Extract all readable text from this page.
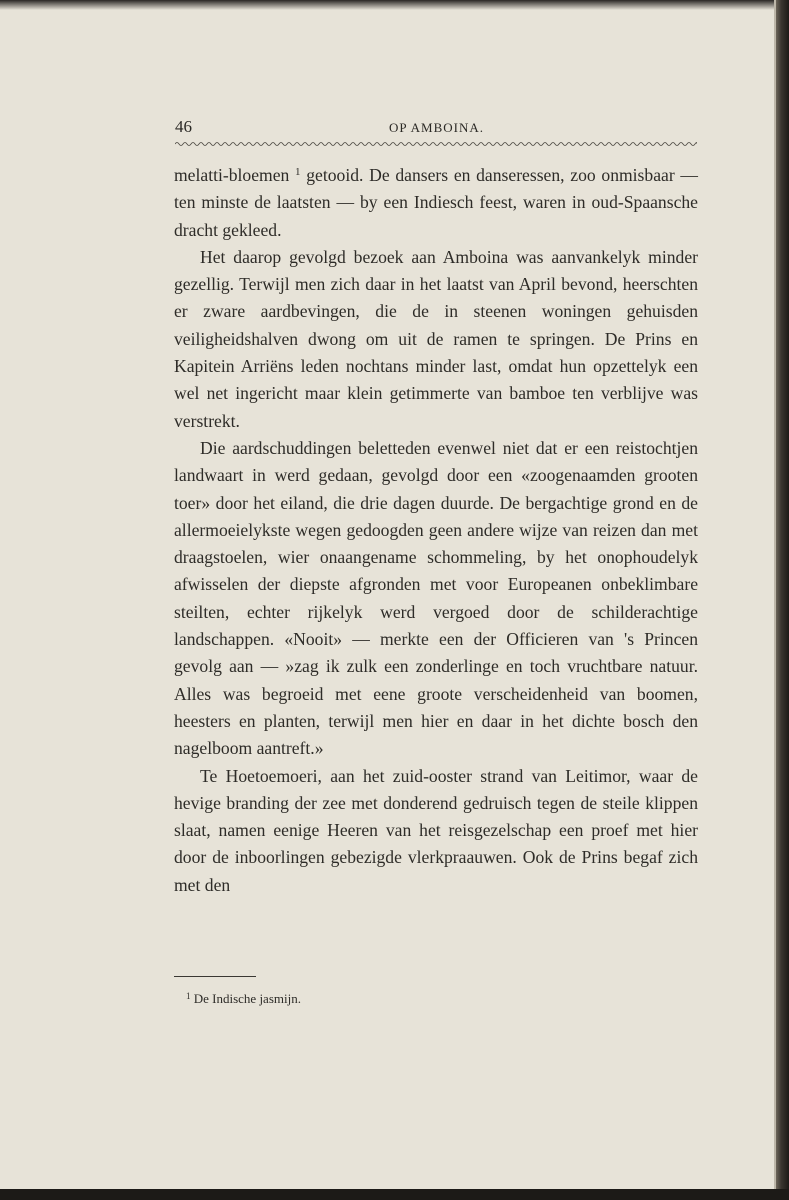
46	OP AMBOINA.

melatti-bloemen $^1$ getooid. De dansers en danseressen, zoo onmisbaar — ten minste de laatsten — by een Indiesch feest, waren in oud-Spaansche dracht gekleed.

Het daarop gevolgd bezoek aan Amboina was aanvankelyk minder gezellig. Terwijl men zich daar in het laatst van April bevond, heerschten er zware aardbevingen, die de in steenen woningen gehuisden veiligheidshalven dwong om uit de ramen te springen. De Prins en Kapitein Arriëns leden nochtans minder last, omdat hun opzettelyk een wel net ingericht maar klein getimmerte van bamboe ten verblijve was verstrekt.

Die aardschuddingen beletteden evenwel niet dat er een reistochtjen landwaart in werd gedaan, gevolgd door een «zoogenaamden grooten toer» door het eiland, die drie dagen duurde. De bergachtige grond en de allermoeielykste wegen gedoogden geen andere wijze van reizen dan met draagstoelen, wier onaangename schommeling, by het onophoudelyk afwisselen der diepste afgronden met voor Europeanen onbeklimbare steilten, echter rijkelyk werd vergoed door de schilderachtige landschappen. «Nooit» — merkte een der Officieren van 's Princen gevolg aan — »zag ik zulk een zonderlinge en toch vruchtbare natuur. Alles was begroeid met eene groote verscheidenheid van boomen, heesters en planten, terwijl men hier en daar in het dichte bosch den nagelboom aantreft.»

Te Hoetoemoeri, aan het zuid-ooster strand van Leitimor, waar de hevige branding der zee met donderend gedruisch tegen de steile klippen slaat, namen eenige Heeren van het reisgezelschap een proef met hier door de inboorlingen gebezigde vlerkpraauwen. Ook de Prins begaf zich met den

$^1$ De Indische jasmijn.
